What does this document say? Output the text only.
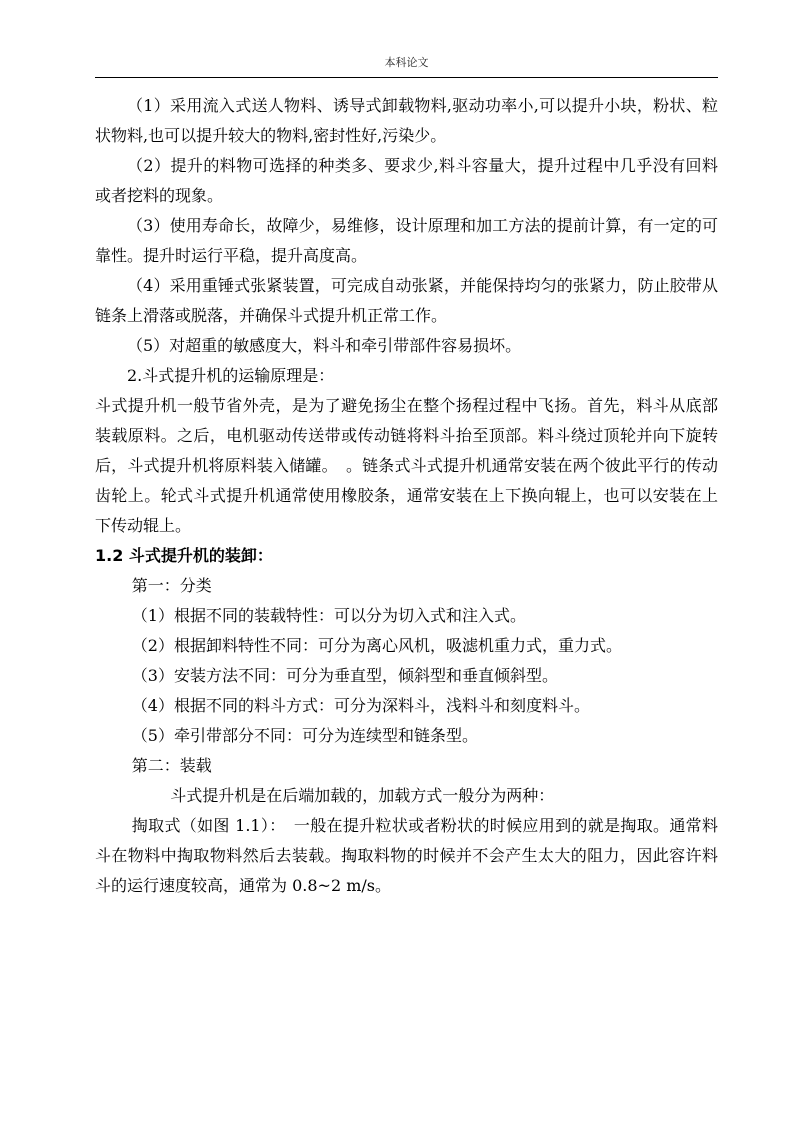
本科论文

（1）采用流入式送人物料、诱导式卸载物料,驱动功率小,可以提升小块，粉状、粒状物料,也可以提升较大的物料,密封性好,污染少。

（2）提升的料物可选择的种类多、要求少,料斗容量大，提升过程中几乎没有回料或者挖料的现象。

（3）使用寿命长，故障少，易维修，设计原理和加工方法的提前计算，有一定的可靠性。提升时运行平稳，提升高度高。

（4）采用重锤式张紧装置，可完成自动张紧，并能保持均匀的张紧力，防止胶带从链条上滑落或脱落，并确保斗式提升机正常工作。

（5）对超重的敏感度大，料斗和牵引带部件容易损坏。

2.斗式提升机的运输原理是：

斗式提升机一般节省外壳，是为了避免扬尘在整个扬程过程中飞扬。首先，料斗从底部装载原料。之后，电机驱动传送带或传动链将料斗抬至顶部。料斗绕过顶轮并向下旋转后，斗式提升机将原料装入储罐。　。链条式斗式提升机通常安装在两个彼此平行的传动齿轮上。轮式斗式提升机通常使用橡胶条，通常安装在上下换向辊上，也可以安装在上下传动辊上。

1.2 斗式提升机的装卸：

第一：分类

（1）根据不同的装载特性：可以分为切入式和注入式。

（2）根据卸料特性不同：可分为离心风机，吸滤机重力式，重力式。

（3）安装方法不同：可分为垂直型，倾斜型和垂直倾斜型。

（4）根据不同的料斗方式：可分为深料斗，浅料斗和刻度料斗。

（5）牵引带部分不同：可分为连续型和链条型。

第二：装载

斗式提升机是在后端加载的，加载方式一般分为两种：

掏取式（如图 1.1）：　一般在提升粒状或者粉状的时候应用到的就是掏取。通常料斗在物料中掏取物料然后去装载。掏取料物的时候并不会产生太大的阻力，因此容许料斗的运行速度较高，通常为 0.8~2 m/s。
